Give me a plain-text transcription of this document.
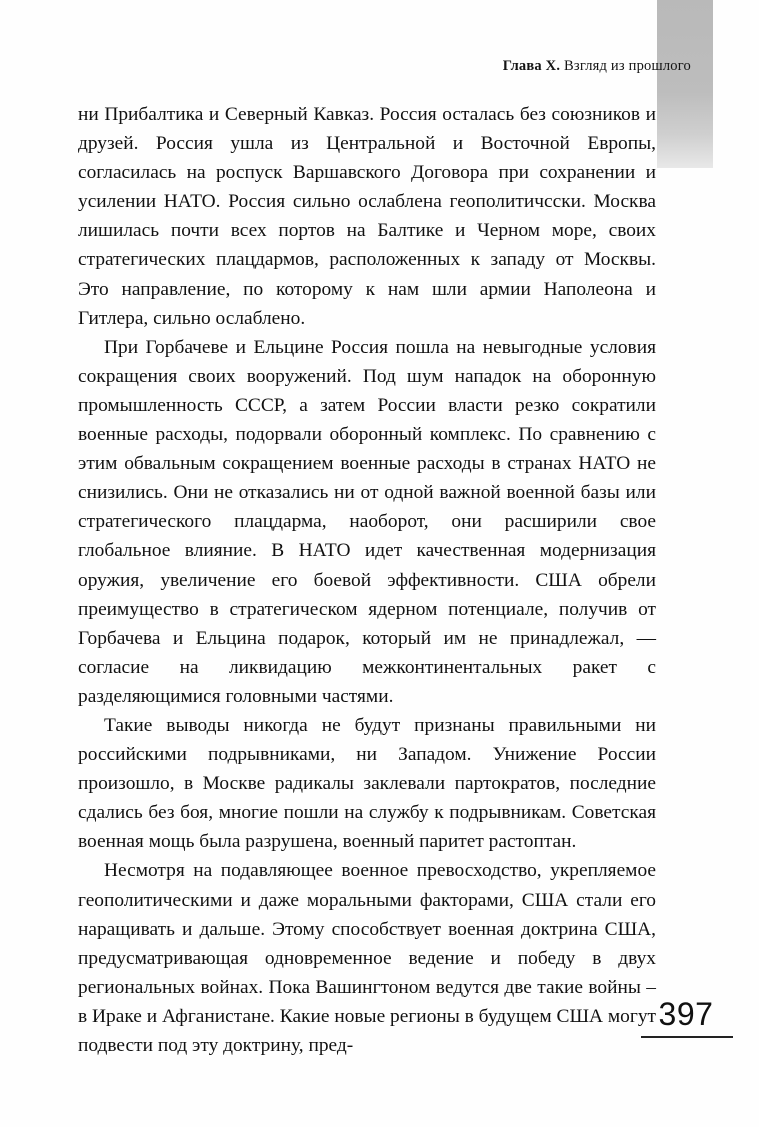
Глава X. Взгляд из прошлого

ни Прибалтика и Северный Кавказ. Россия осталась без союзников и друзей. Россия ушла из Центральной и Восточной Европы, согласилась на роспуск Варшавского Договора при сохранении и усилении НАТО. Россия сильно ослаблена геополитичсски. Москва лишилась почти всех портов на Балтике и Черном море, своих стратегических плацдармов, расположенных к западу от Москвы. Это направление, по которому к нам шли армии Наполеона и Гитлера, сильно ослаблено.

При Горбачеве и Ельцине Россия пошла на невыгодные условия сокращения своих вооружений. Под шум нападок на оборонную промышленность СССР, а затем России власти резко сократили военные расходы, подорвали оборонный комплекс. По сравнению с этим обвальным сокращением военные расходы в странах НАТО не снизились. Они не отказались ни от одной важной военной базы или стратегического плацдарма, наоборот, они расширили свое глобальное влияние. В НАТО идет качественная модернизация оружия, увеличение его боевой эффективности. США обрели преимущество в стратегическом ядерном потенциале, получив от Горбачева и Ельцина подарок, который им не принадлежал, — согласие на ликвидацию межконтинентальных ракет с разделяющимися головными частями.

Такие выводы никогда не будут признаны правильными ни российскими подрывниками, ни Западом. Унижение России произошло, в Москве радикалы заклевали партократов, последние сдались без боя, многие пошли на службу к подрывникам. Советская военная мощь была разрушена, военный паритет растоптан.

Несмотря на подавляющее военное превосходство, укрепляемое геополитическими и даже моральными факторами, США стали его наращивать и дальше. Этому способствует военная доктрина США, предусматривающая одновременное ведение и победу в двух региональных войнах. Пока Вашингтоном ведутся две такие войны – в Ираке и Афганистане. Какие новые регионы в будущем США могут подвести под эту доктрину, пред-

397
